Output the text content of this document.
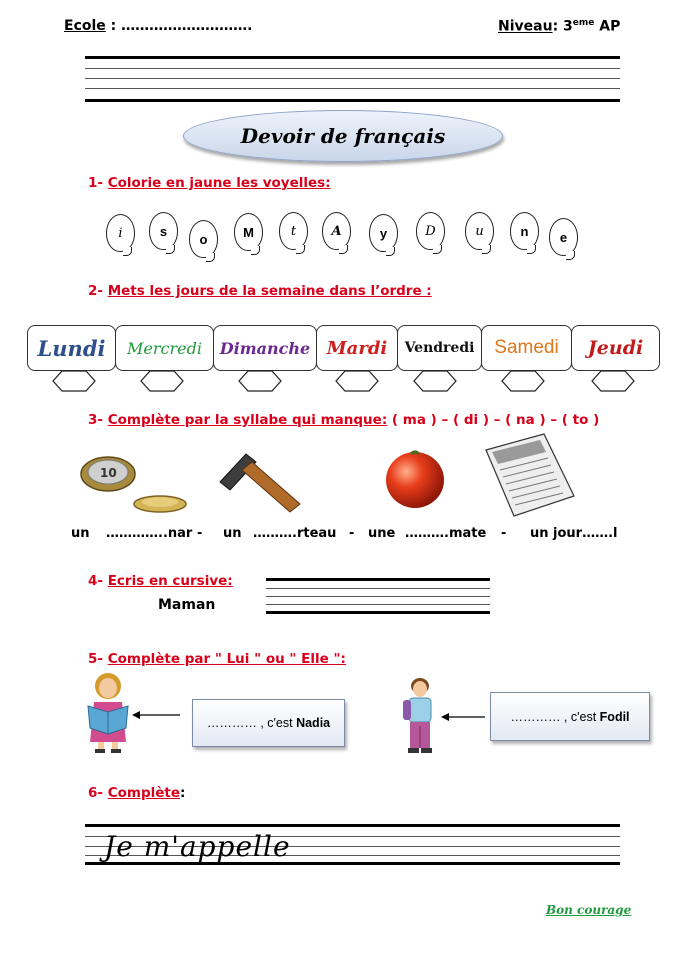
Ecole : ……………………….	Niveau: 3eme AP
Devoir de français
1- Colorie en jaune les voyelles:
i	s
o	M	t	A	y	D	u	n	e
2- Mets les jours de la semaine dans l’ordre :
Lundi Mercredi Dimanche Mardi Vendredi Samedi Jeudi
3- Complète par la syllabe qui manque: ( ma ) – ( di ) – ( na ) – ( to )
10
un …………..nar - un ……….rteau - une ……….mate - un jour…….l
4- Ecris en cursive:
Maman
5- Complète par " Lui " ou " Elle ":
………… , c'est
Nadia	………… , c'est
Fodil
6- Complète:
Je m'appelle
Bon courage
